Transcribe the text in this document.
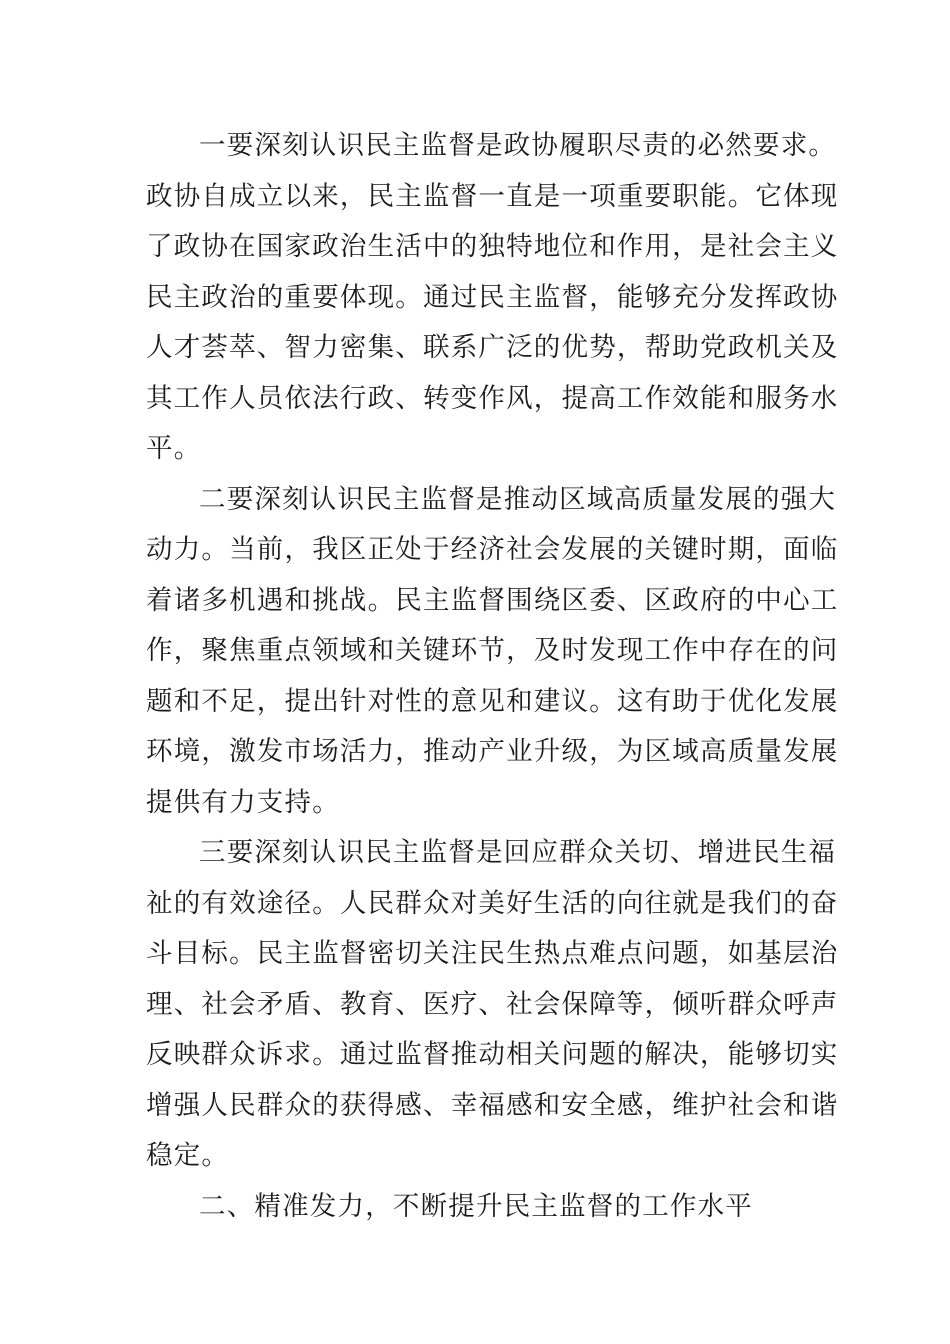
一要深刻认识民主监督是政协履职尽责的必然要求。
政协自成立以来，民主监督一直是一项重要职能。它体现
了政协在国家政治生活中的独特地位和作用，是社会主义
民主政治的重要体现。通过民主监督，能够充分发挥政协
人才荟萃、智力密集、联系广泛的优势，帮助党政机关及
其工作人员依法行政、转变作风，提高工作效能和服务水
平。
二要深刻认识民主监督是推动区域高质量发展的强大
动力。当前，我区正处于经济社会发展的关键时期，面临
着诸多机遇和挑战。民主监督围绕区委、区政府的中心工
作，聚焦重点领域和关键环节，及时发现工作中存在的问
题和不足，提出针对性的意见和建议。这有助于优化发展
环境，激发市场活力，推动产业升级，为区域高质量发展
提供有力支持。
三要深刻认识民主监督是回应群众关切、增进民生福
祉的有效途径。人民群众对美好生活的向往就是我们的奋
斗目标。民主监督密切关注民生热点难点问题，如基层治
理、社会矛盾、教育、医疗、社会保障等，倾听群众呼声
反映群众诉求。通过监督推动相关问题的解决，能够切实
增强人民群众的获得感、幸福感和安全感，维护社会和谐
稳定。
二、精准发力，不断提升民主监督的工作水平
